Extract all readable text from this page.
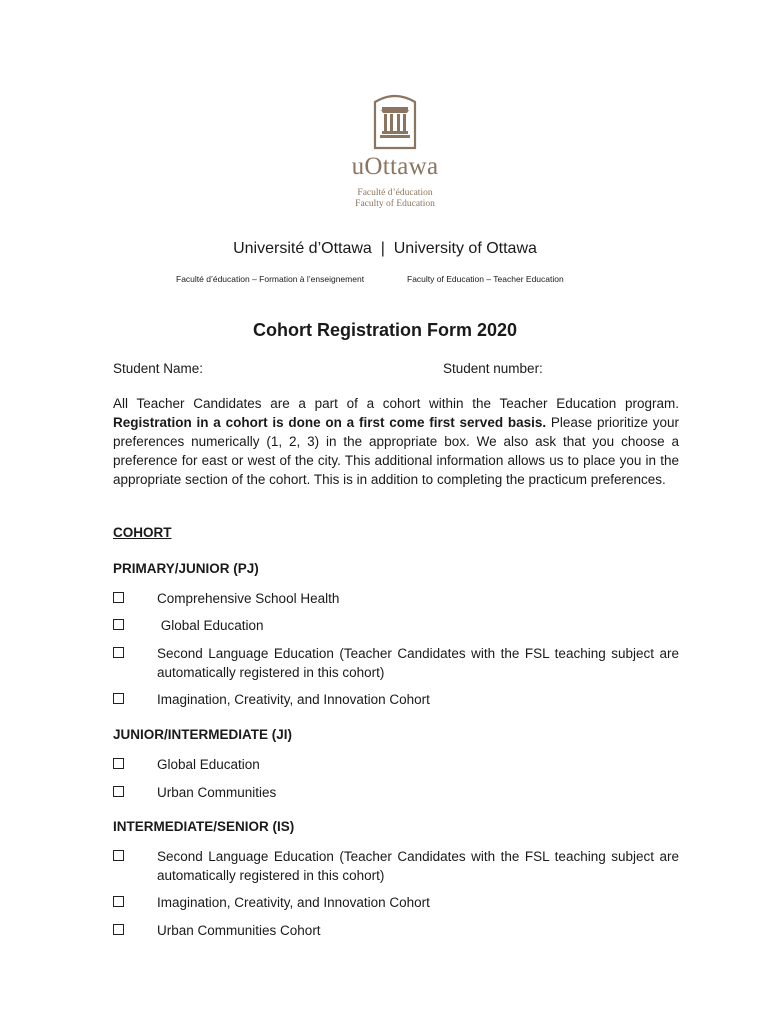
uOttawa
Faculté d’éducation
Faculty of Education
Université d’Ottawa  |  University of Ottawa
Faculté d’éducation – Formation à l’enseignement	Faculty of Education – Teacher Education
Cohort Registration Form 2020
Student Name:	Student number:

All Teacher Candidates are a part of a cohort within the Teacher Education program. Registration in a cohort is done on a first come first served basis. Please prioritize your preferences numerically (1, 2, 3) in the appropriate box. We also ask that you choose a preference for east or west of the city. This additional information allows us to place you in the appropriate section of the cohort. This is in addition to completing the practicum preferences.

COHORT
PRIMARY/JUNIOR (PJ)
Comprehensive School Health
Global Education
Second Language Education (Teacher Candidates with the FSL teaching subject are automatically registered in this cohort)
Imagination, Creativity, and Innovation Cohort
JUNIOR/INTERMEDIATE (JI)
Global Education
Urban Communities
INTERMEDIATE/SENIOR (IS)
Second Language Education (Teacher Candidates with the FSL teaching subject are automatically registered in this cohort)
Imagination, Creativity, and Innovation Cohort
Urban Communities Cohort
